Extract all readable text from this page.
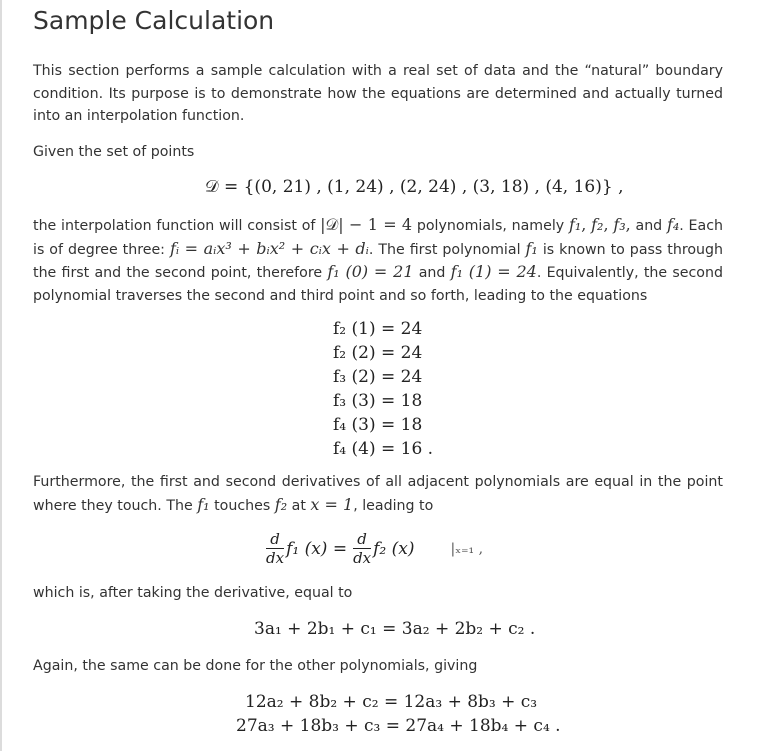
Sample Calculation

This section performs a sample calculation with a real set of data and the “natural” boundary condition. Its purpose is to demonstrate how the equations are determined and actually turned into an interpolation function.

Given the set of points

𝒟 = {(0, 21) , (1, 24) , (2, 24) , (3, 18) , (4, 16)} ,

the interpolation function will consist of |𝒟| − 1 = 4 polynomials, namely f₁, f₂, f₃, and f₄. Each is of degree three: fᵢ = aᵢx³ + bᵢx² + cᵢx + dᵢ. The first polynomial f₁ is known to pass through the first and the second point, therefore f₁ (0) = 21 and f₁ (1) = 24. Equivalently, the second polynomial traverses the second and third point and so forth, leading to the equations

f₂ (1) = 24
f₂ (2) = 24
f₃ (2) = 24
f₃ (3) = 18
f₄ (3) = 18
f₄ (4) = 16 .

Furthermore, the first and second derivatives of all adjacent polynomials are equal in the point where they touch. The f₁ touches f₂ at x = 1, leading to

$\frac{d}{dx} f_1$ $(x) = \frac{d}{dx} f_2$ (x)	|ₓ₌₁ ,

which is, after taking the derivative, equal to

3a₁ + 2b₁ + c₁ = 3a₂ + 2b₂ + c₂ .

Again, the same can be done for the other polynomials, giving

12a₂ + 8b₂ + c₂ = 12a₃ + 8b₃ + c₃
27a₃ + 18b₃ + c₃ = 27a₄ + 18b₄ + c₄ .
